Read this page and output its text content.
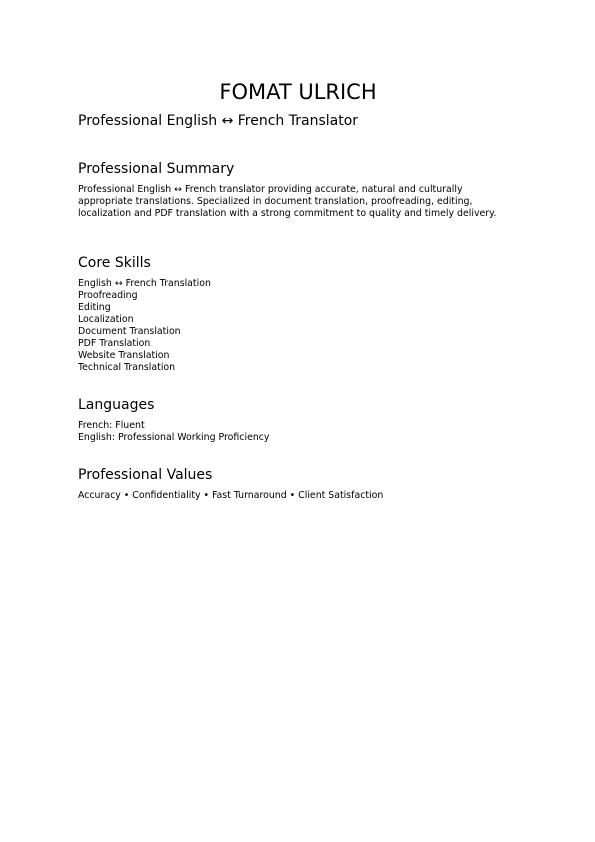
FOMAT ULRICH
Professional English ↔ French Translator
Professional Summary

Professional English ↔ French translator providing accurate, natural and culturally appropriate translations. Specialized in document translation, proofreading, editing, localization and PDF translation with a strong commitment to quality and timely delivery.

Core Skills
English ↔ French Translation
Proofreading
Editing
Localization
Document Translation
PDF Translation
Website Translation
Technical Translation
Languages
French: Fluent
English: Professional Working Proficiency
Professional Values

Accuracy • Confidentiality • Fast Turnaround • Client Satisfaction
